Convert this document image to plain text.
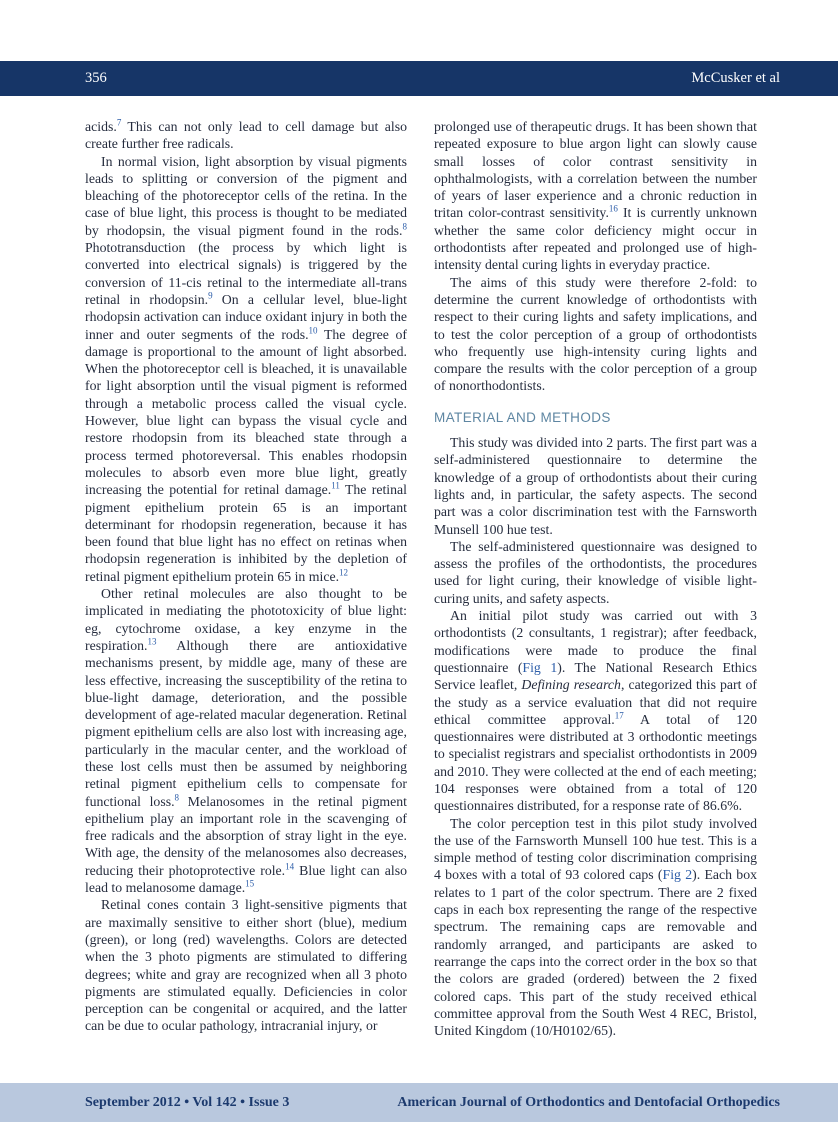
356	McCusker et al

acids.$^7$ This can not only lead to cell damage but also create further free radicals.

In normal vision, light absorption by visual pigments leads to splitting or conversion of the pigment and bleaching of the photoreceptor cells of the retina. In the case of blue light, this process is thought to be mediated by rhodopsin, the visual pigment found in the rods.$^8$ Phototransduction (the process by which light is converted into electrical signals) is triggered by the conversion of 11-cis retinal to the intermediate all-trans retinal in rhodopsin.$^9$ On a cellular level, blue-light rhodopsin activation can induce oxidant injury in both the inner and outer segments of the rods.$^{10}$ The degree of damage is proportional to the amount of light absorbed. When the photoreceptor cell is bleached, it is unavailable for light absorption until the visual pigment is reformed through a metabolic process called the visual cycle. However, blue light can bypass the visual cycle and restore rhodopsin from its bleached state through a process termed photoreversal. This enables rhodopsin molecules to absorb even more blue light, greatly increasing the potential for retinal damage.$^{11}$ The retinal pigment epithelium protein 65 is an important determinant for rhodopsin regeneration, because it has been found that blue light has no effect on retinas when rhodopsin regeneration is inhibited by the depletion of retinal pigment epithelium protein 65 in mice.$^{12}$

Other retinal molecules are also thought to be implicated in mediating the phototoxicity of blue light: eg, cytochrome oxidase, a key enzyme in the respiration.$^{13}$ Although there are antioxidative mechanisms present, by middle age, many of these are less effective, increasing the susceptibility of the retina to blue-light damage, deterioration, and the possible development of age-related macular degeneration. Retinal pigment epithelium cells are also lost with increasing age, particularly in the macular center, and the workload of these lost cells must then be assumed by neighboring retinal pigment epithelium cells to compensate for functional loss.$^8$ Melanosomes in the retinal pigment epithelium play an important role in the scavenging of free radicals and the absorption of stray light in the eye. With age, the density of the melanosomes also decreases, reducing their photoprotective role.$^{14}$ Blue light can also lead to melanosome damage.$^{15}$

Retinal cones contain 3 light-sensitive pigments that are maximally sensitive to either short (blue), medium (green), or long (red) wavelengths. Colors are detected when the 3 photo pigments are stimulated to differing degrees; white and gray are recognized when all 3 photo pigments are stimulated equally. Deficiencies in color perception can be congenital or acquired, and the latter can be due to ocular pathology, intracranial injury, or

prolonged use of therapeutic drugs. It has been shown that repeated exposure to blue argon light can slowly cause small losses of color contrast sensitivity in ophthalmologists, with a correlation between the number of years of laser experience and a chronic reduction in tritan color-contrast sensitivity.$^{16}$ It is currently unknown whether the same color deficiency might occur in orthodontists after repeated and prolonged use of high-intensity dental curing lights in everyday practice.

The aims of this study were therefore 2-fold: to determine the current knowledge of orthodontists with respect to their curing lights and safety implications, and to test the color perception of a group of orthodontists who frequently use high-intensity curing lights and compare the results with the color perception of a group of nonorthodontists.

MATERIAL AND METHODS

This study was divided into 2 parts. The first part was a self-administered questionnaire to determine the knowledge of a group of orthodontists about their curing lights and, in particular, the safety aspects. The second part was a color discrimination test with the Farnsworth Munsell 100 hue test.

The self-administered questionnaire was designed to assess the profiles of the orthodontists, the procedures used for light curing, their knowledge of visible light-curing units, and safety aspects.

An initial pilot study was carried out with 3 orthodontists (2 consultants, 1 registrar); after feedback, modifications were made to produce the final questionnaire (Fig 1). The National Research Ethics Service leaflet, Defining research, categorized this part of the study as a service evaluation that did not require ethical committee approval.$^{17}$ A total of 120 questionnaires were distributed at 3 orthodontic meetings to specialist registrars and specialist orthodontists in 2009 and 2010. They were collected at the end of each meeting; 104 responses were obtained from a total of 120 questionnaires distributed, for a response rate of 86.6%.

The color perception test in this pilot study involved the use of the Farnsworth Munsell 100 hue test. This is a simple method of testing color discrimination comprising 4 boxes with a total of 93 colored caps (Fig 2). Each box relates to 1 part of the color spectrum. There are 2 fixed caps in each box representing the range of the respective spectrum. The remaining caps are removable and randomly arranged, and participants are asked to rearrange the caps into the correct order in the box so that the colors are graded (ordered) between the 2 fixed colored caps. This part of the study received ethical committee approval from the South West 4 REC, Bristol, United Kingdom (10/H0102/65).

September 2012 • Vol 142 • Issue 3	American Journal of Orthodontics and Dentofacial Orthopedics
